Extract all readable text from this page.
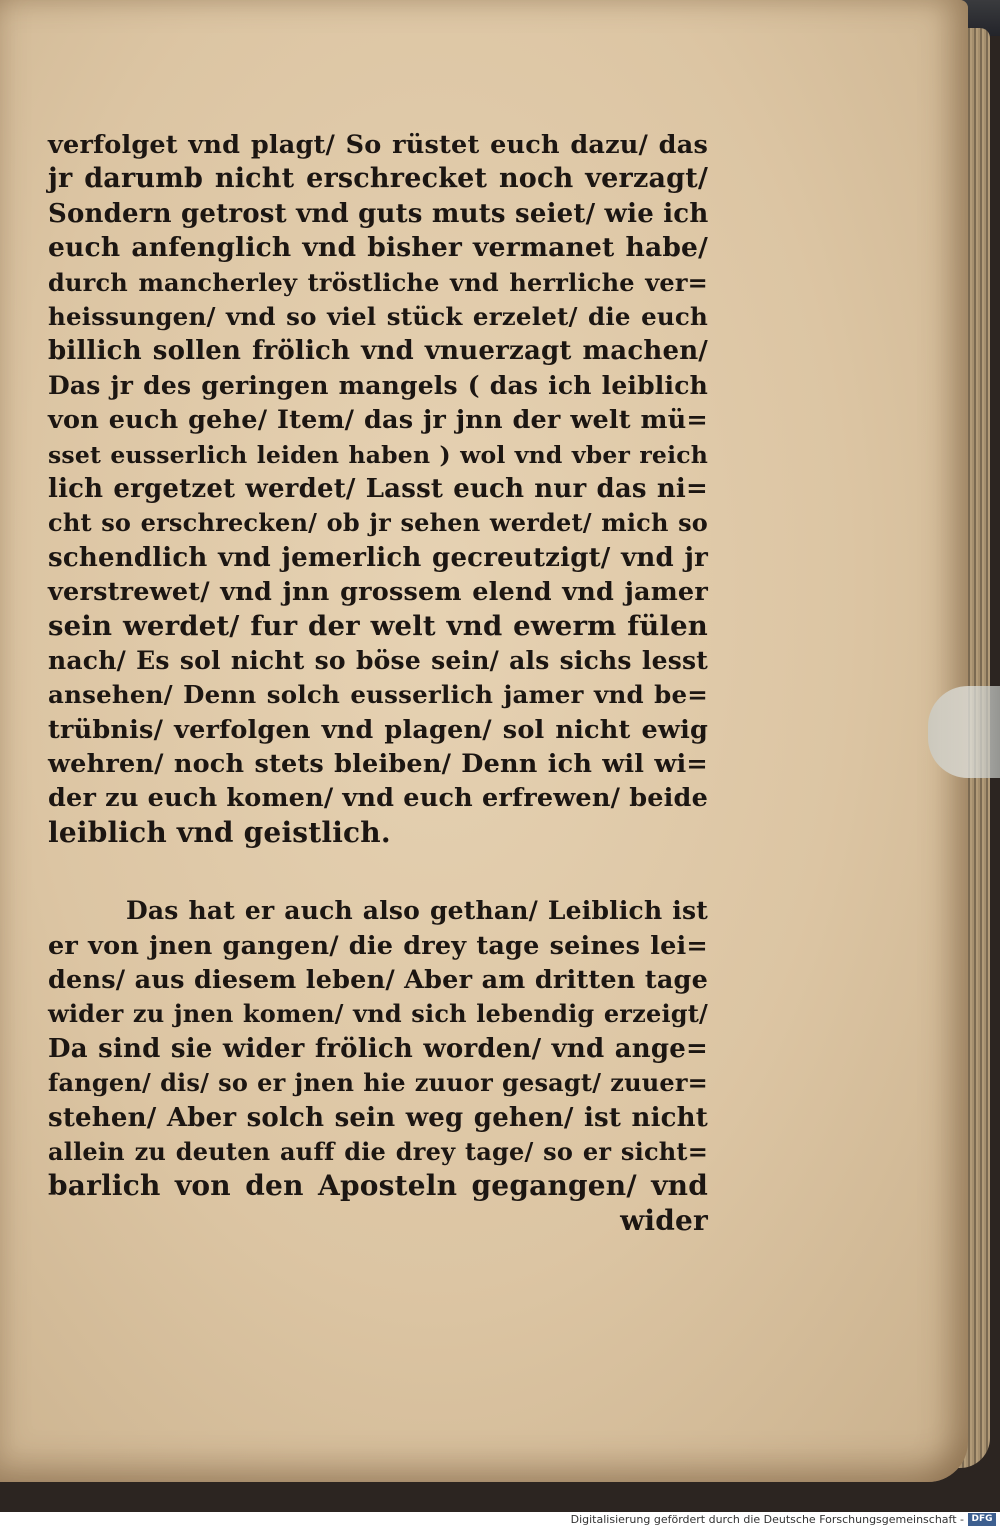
verfolget vnd plagt/ So rüstet euch dazu/ das
jr darumb nicht erschrecket noch verzagt/
Sondern getrost vnd guts muts seiet/ wie ich
euch anfenglich vnd bisher vermanet habe/
durch mancherley tröstliche vnd herrliche ver=
heissungen/ vnd so viel stück erzelet/ die euch
billich sollen frölich vnd vnuerzagt machen/
Das jr des geringen mangels ( das ich leiblich
von euch gehe/ Item/ das jr jnn der welt mü=
sset eusserlich leiden haben ) wol vnd vber reich
lich ergetzet werdet/ Lasst euch nur das ni=
cht so erschrecken/ ob jr sehen werdet/ mich so
schendlich vnd jemerlich gecreutzigt/ vnd jr
verstrewet/ vnd jnn grossem elend vnd jamer
sein werdet/ fur der welt vnd ewerm fülen
nach/ Es sol nicht so böse sein/ als sichs lesst
ansehen/ Denn solch eusserlich jamer vnd be=
trübnis/ verfolgen vnd plagen/ sol nicht ewig
wehren/ noch stets bleiben/ Denn ich wil wi=
der zu euch komen/ vnd euch erfrewen/ beide
leiblich vnd geistlich.
Das hat er auch also gethan/ Leiblich ist
er von jnen gangen/ die drey tage seines lei=
dens/ aus diesem leben/ Aber am dritten tage
wider zu jnen komen/ vnd sich lebendig erzeigt/
Da sind sie wider frölich worden/ vnd ange=
fangen/ dis/ so er jnen hie zuuor gesagt/ zuuer=
stehen/ Aber solch sein weg gehen/ ist nicht
allein zu deuten auff die drey tage/ so er sicht=
barlich von den Aposteln gegangen/ vnd
wider
Digitalisierung gefördert durch die Deutsche Forschungsgemeinschaft - DFG
